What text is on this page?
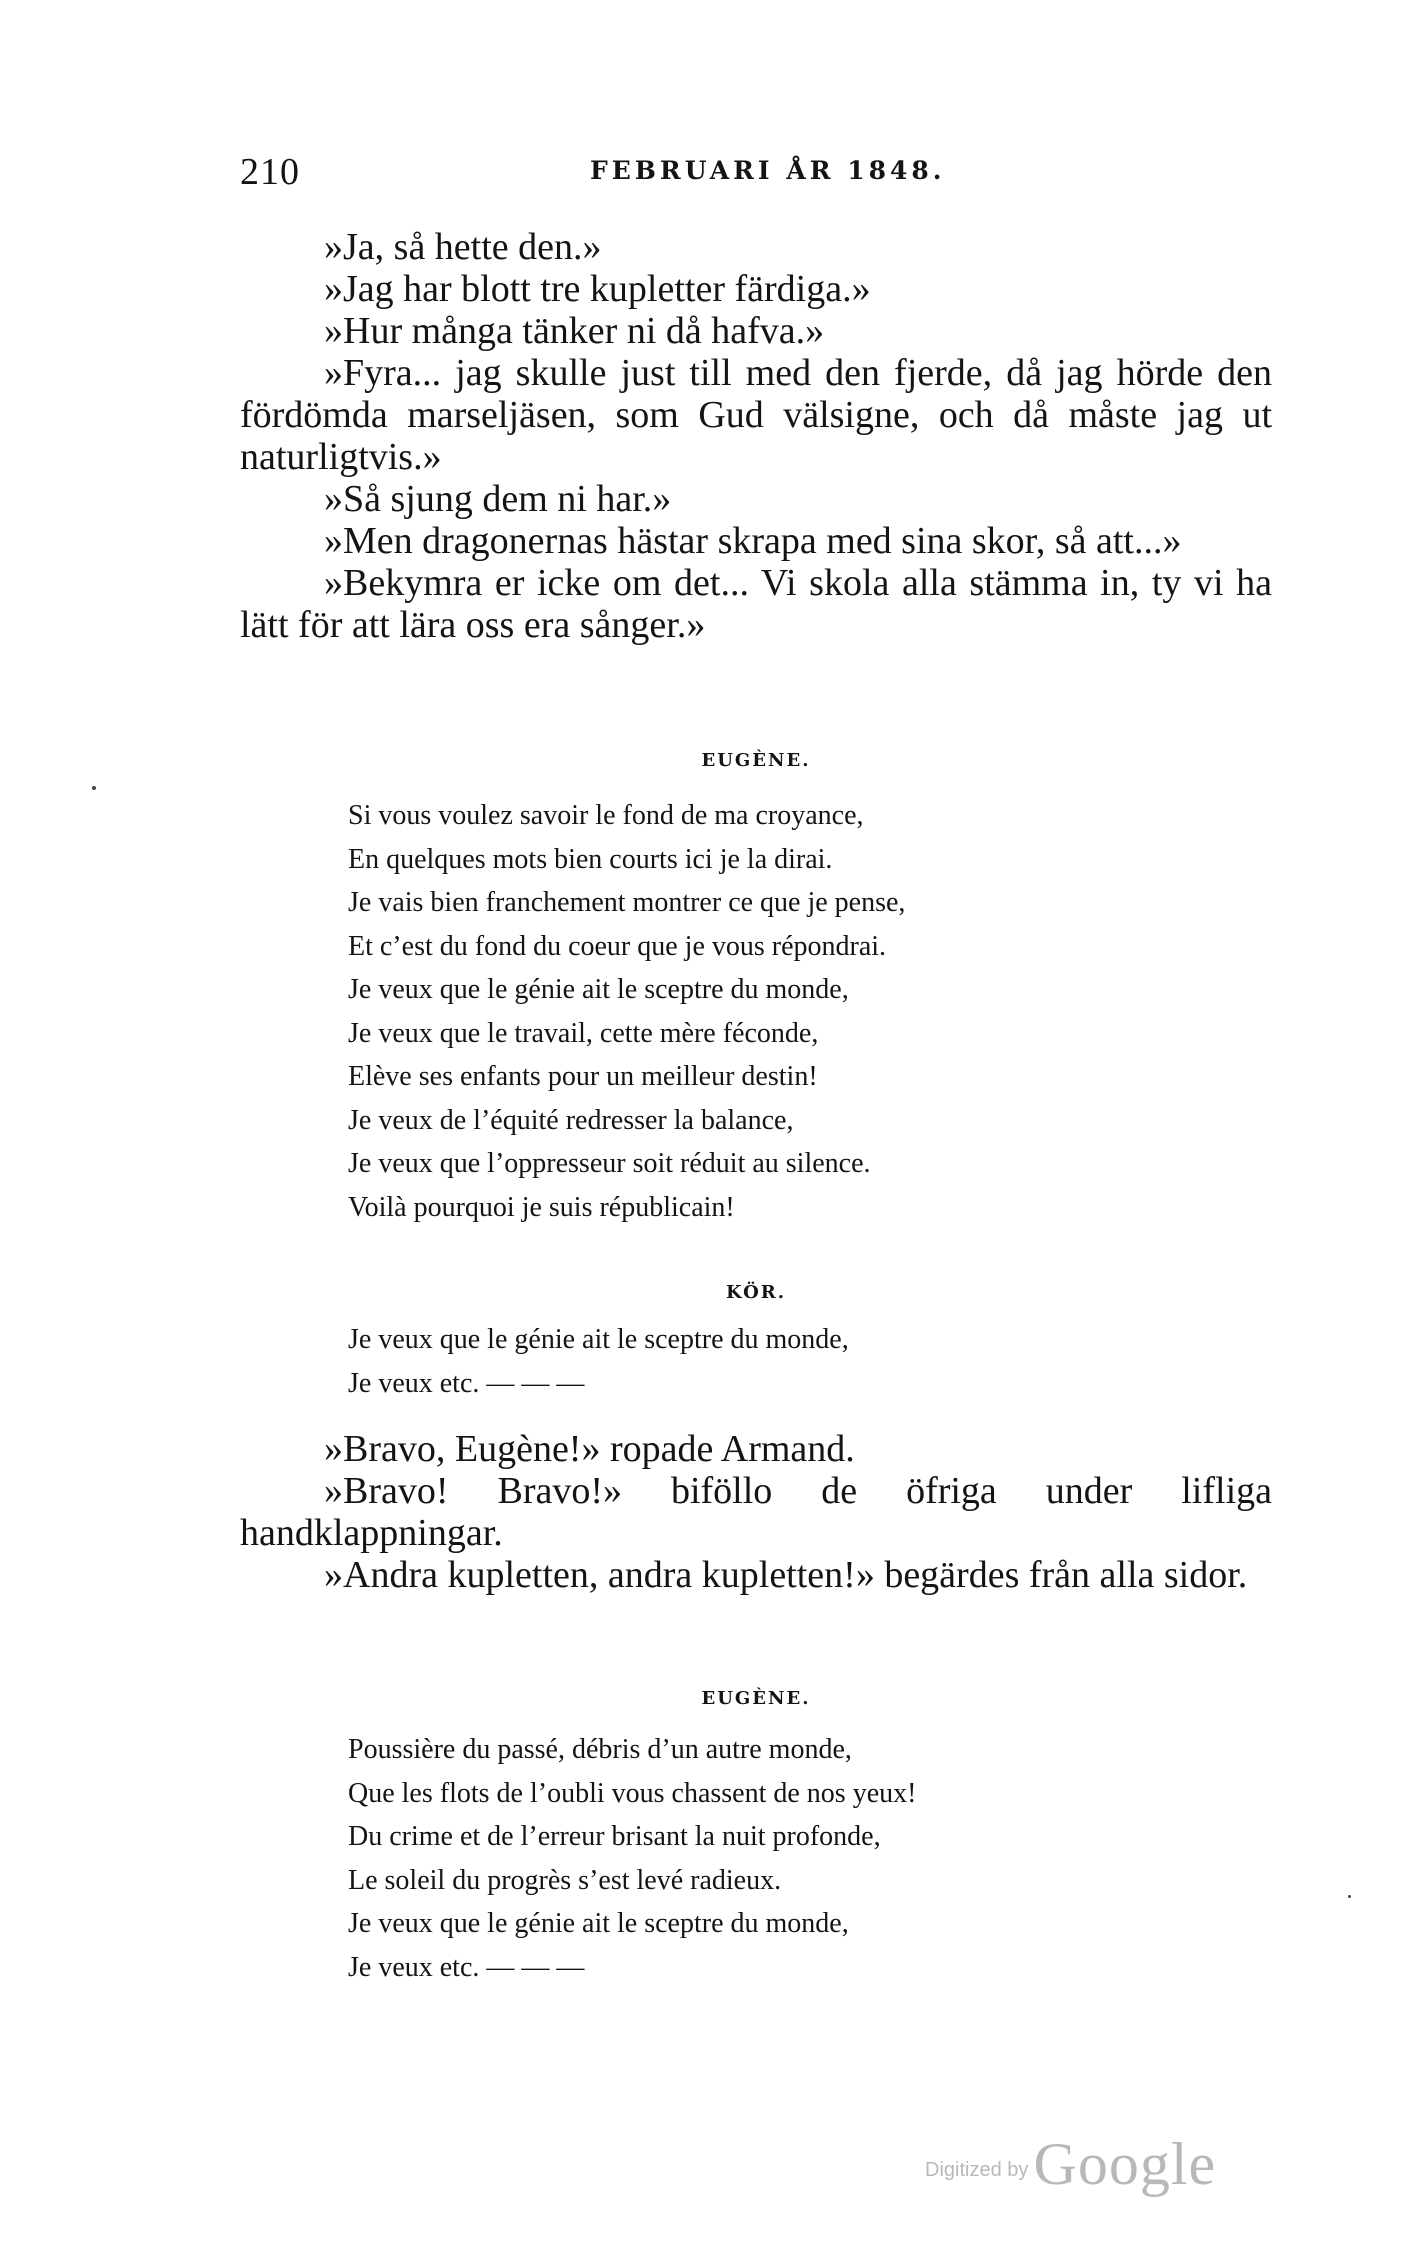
210	FEBRUARI ÅR 1848.

»Ja, så hette den.»

»Jag har blott tre kupletter färdiga.»

»Hur många tänker ni då hafva.»

»Fyra... jag skulle just till med den fjerde, då jag hörde den fördömda marseljäsen, som Gud välsigne, och då måste jag ut naturligtvis.»

»Så sjung dem ni har.»

»Men dragonernas hästar skrapa med sina skor, så att...»

»Bekymra er icke om det... Vi skola alla stämma in, ty vi ha lätt för att lära oss era sånger.»

EUGÈNE.
Si vous voulez savoir le fond de ma croyance,
En quelques mots bien courts ici je la dirai.
Je vais bien franchement montrer ce que je pense,
Et c’est du fond du coeur que je vous répondrai.
Je veux que le génie ait le sceptre du monde,
Je veux que le travail, cette mère féconde,
Elève ses enfants pour un meilleur destin!
Je veux de l’équité redresser la balance,
Je veux que l’oppresseur soit réduit au silence.
Voilà pourquoi je suis républicain!
KÖR.
Je veux que le génie ait le sceptre du monde,
Je veux etc. — — —

»Bravo, Eugène!» ropade Armand.

»Bravo! Bravo!» biföllo de öfriga under lifliga handklappningar.

»Andra kupletten, andra kupletten!» begärdes från alla sidor.

EUGÈNE.
Poussière du passé, débris d’un autre monde,
Que les flots de l’oubli vous chassent de nos yeux!
Du crime et de l’erreur brisant la nuit profonde,
Le soleil du progrès s’est levé radieux.
Je veux que le génie ait le sceptre du monde,
Je veux etc. — — —
Digitized by Google
